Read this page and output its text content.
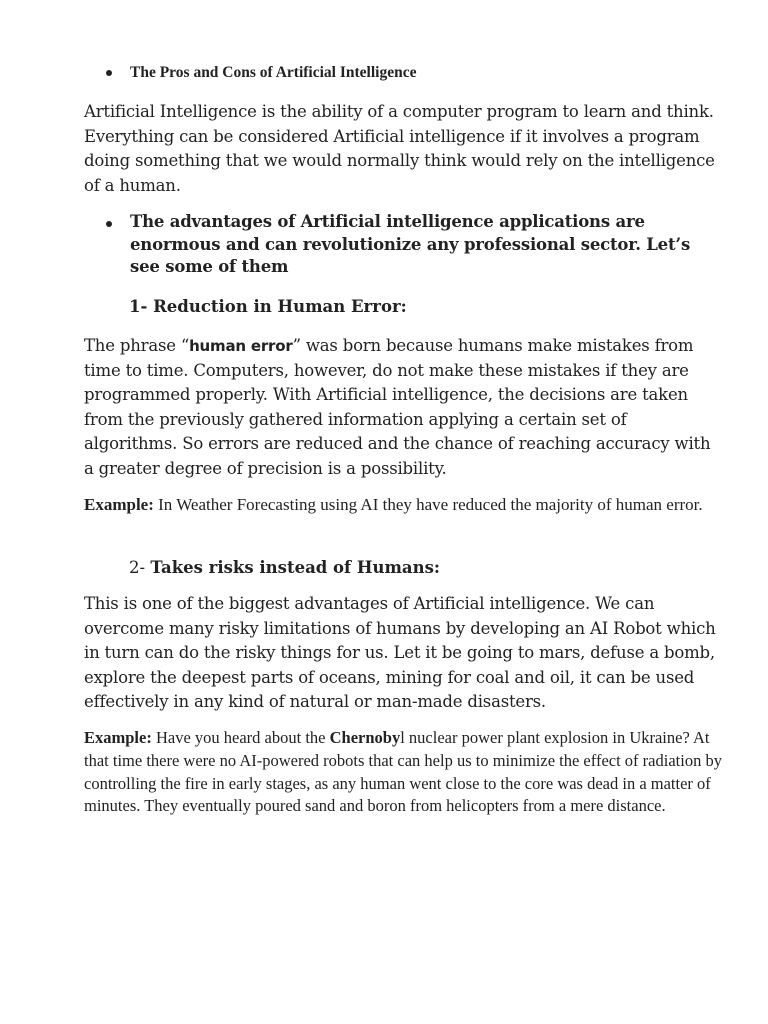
The Pros and Cons of Artificial Intelligence

Artificial Intelligence is the ability of a computer program to learn and think. Everything can be considered Artificial intelligence if it involves a program doing something that we would normally think would rely on the intelligence of a human.

The advantages of Artificial intelligence applications are enormous and can revolutionize any professional sector. Let’s see some of them

1- Reduction in Human Error:

The phrase “human error” was born because humans make mistakes from time to time. Computers, however, do not make these mistakes if they are programmed properly. With Artificial intelligence, the decisions are taken from the previously gathered information applying a certain set of algorithms. So errors are reduced and the chance of reaching accuracy with a greater degree of precision is a possibility.

Example: In Weather Forecasting using AI they have reduced the majority of human error.

2- Takes risks instead of Humans:

This is one of the biggest advantages of Artificial intelligence. We can overcome many risky limitations of humans by developing an AI Robot which in turn can do the risky things for us. Let it be going to mars, defuse a bomb, explore the deepest parts of oceans, mining for coal and oil, it can be used effectively in any kind of natural or man-made disasters.

Example: Have you heard about the Chernobyl nuclear power plant explosion in Ukraine? At that time there were no AI-powered robots that can help us to minimize the effect of radiation by controlling the fire in early stages, as any human went close to the core was dead in a matter of minutes. They eventually poured sand and boron from helicopters from a mere distance.
